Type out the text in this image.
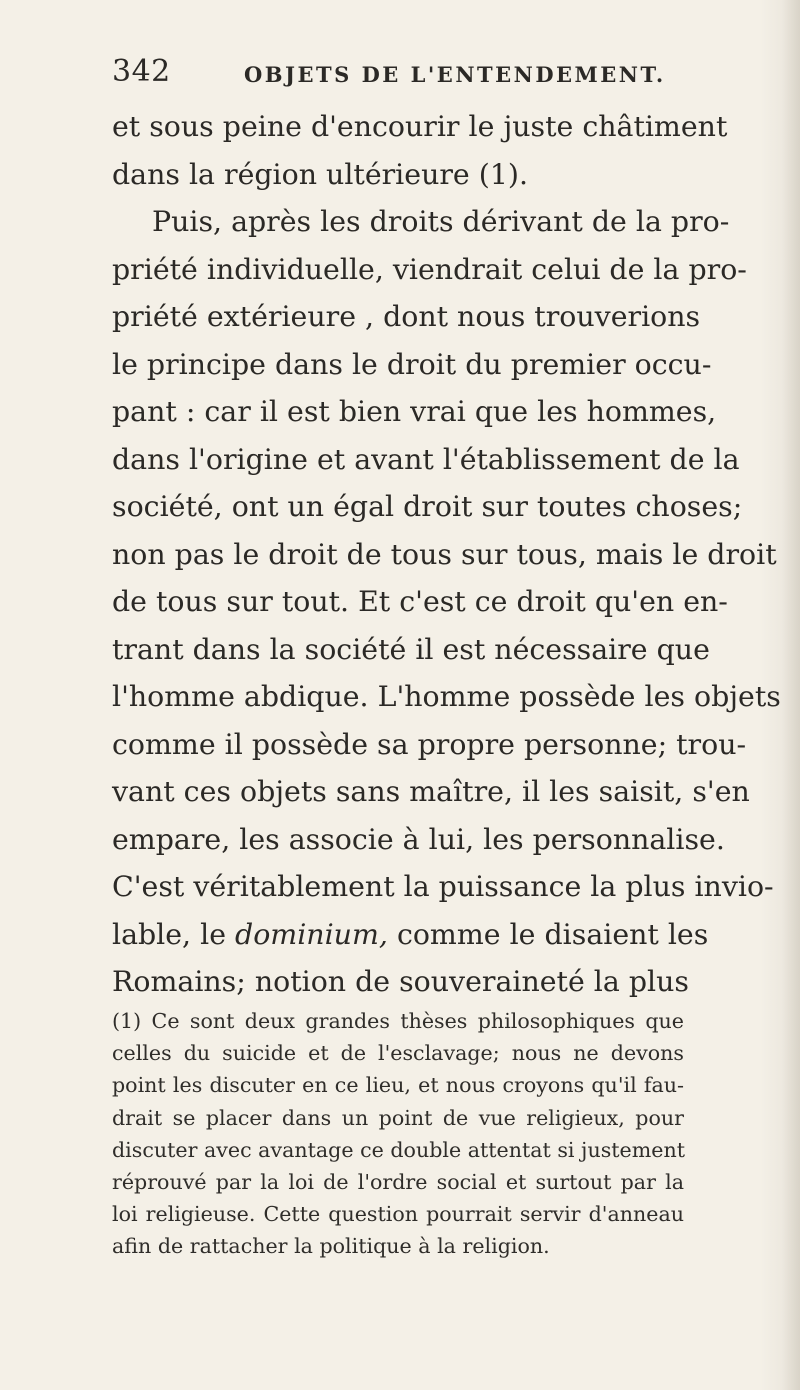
342	OBJETS DE L'ENTENDEMENT.
et sous peine d'encourir le juste châtiment
dans la région ultérieure (1).
Puis, après les droits dérivant de la pro-
priété individuelle, viendrait celui de la pro-
priété extérieure , dont nous trouverions
le principe dans le droit du premier occu-
pant : car il est bien vrai que les hommes,
dans l'origine et avant l'établissement de la
société, ont un égal droit sur toutes choses;
non pas le droit de tous sur tous, mais le droit
de tous sur tout. Et c'est ce droit qu'en en-
trant dans la société il est nécessaire que
l'homme abdique. L'homme possède les objets
comme il possède sa propre personne; trou-
vant ces objets sans maître, il les saisit, s'en
empare, les associe à lui, les personnalise.
C'est véritablement la puissance la plus invio-
lable, le dominium, comme le disaient les
Romains; notion de souveraineté la plus
(1) Ce sont deux grandes thèses philosophiques que
celles du suicide et de l'esclavage; nous ne devons
point les discuter en ce lieu, et nous croyons qu'il fau-
drait se placer dans un point de vue religieux, pour
discuter avec avantage ce double attentat si justement
réprouvé par la loi de l'ordre social et surtout par la
loi religieuse. Cette question pourrait servir d'anneau
afin de rattacher la politique à la religion.
